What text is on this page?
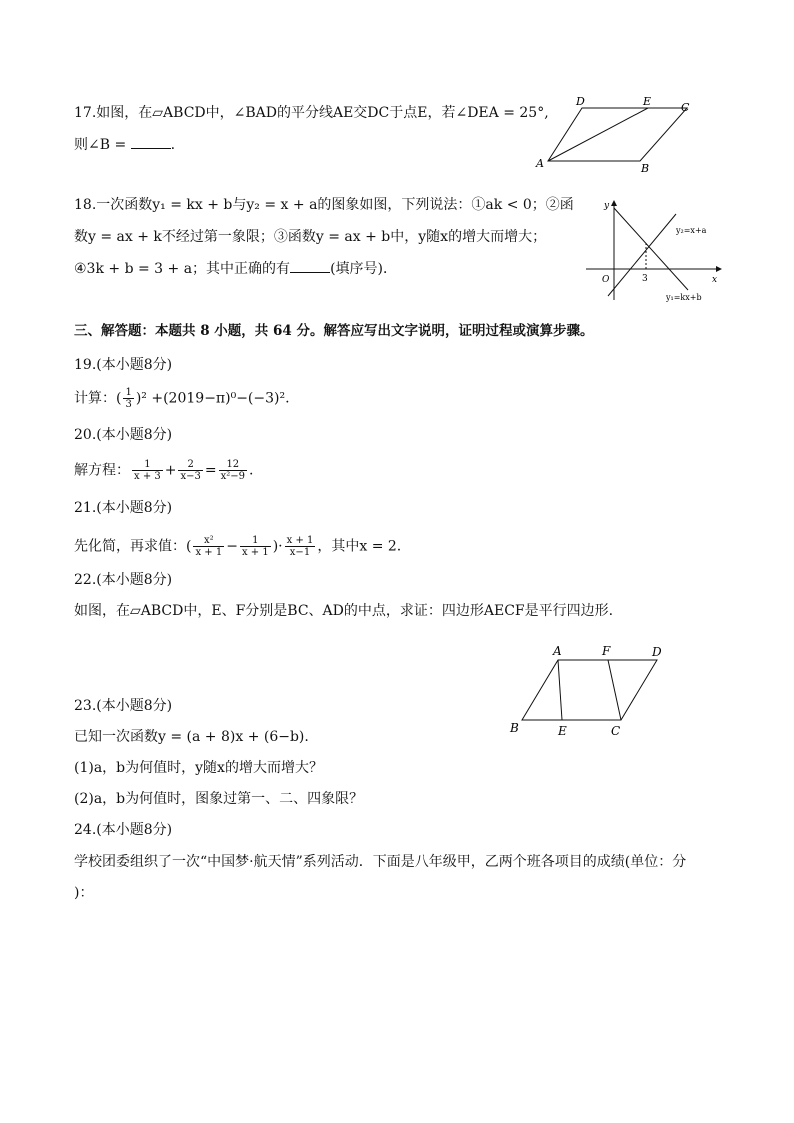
17.如图，在▱ABCD中，∠BAD的平分线AE交DC于点E，若∠DEA = 25°,
则∠B =	.
D	E	C
A	B
18.一次函数y₁ = kx + b与y₂ = x + a的图象如图，下列说法：①ak < 0；②函
数y = ax + k不经过第一象限；③函数y = ax + b中，y随x的增大而增大；
④3k + b = 3 + a；其中正确的有	(填序号)．
y
x
O	3
y₂=x+a
y₁=kx+b
三、解答题：本题共 8 小题，共 64 分。解答应写出文字说明，证明过程或演算步骤。
19.(本小题8分)
计算：( $\frac{1}{3} )^2 +(2019-\pi)^0-(-3)^2$.
20.(本小题8分)
解方程： $\frac{1}{x + 3} + \frac{2}{x-3} = \frac{12}{\text{x²−9}}$ .
21.(本小题8分)
先化简，再求值：( $\frac{\text{x²}}{x + 1} - \frac{1}{x + 1}$ )· $\frac{x + 1}{x-1}$ ，其中x = 2.
22.(本小题8分)
如图，在▱ABCD中，E、F分别是BC、AD的中点，求证：四边形AECF是平行四边形.
A	F	D
B	E	C
23.(本小题8分)
已知一次函数y = (a + 8)x + (6−b).
(1)a，b为何值时，y随x的增大而增大？
(2)a，b为何值时，图象过第一、二、四象限？
24.(本小题8分)
学校团委组织了一次“中国梦·航天情”系列活动．下面是八年级甲，乙两个班各项目的成绩(单位：分
)：
